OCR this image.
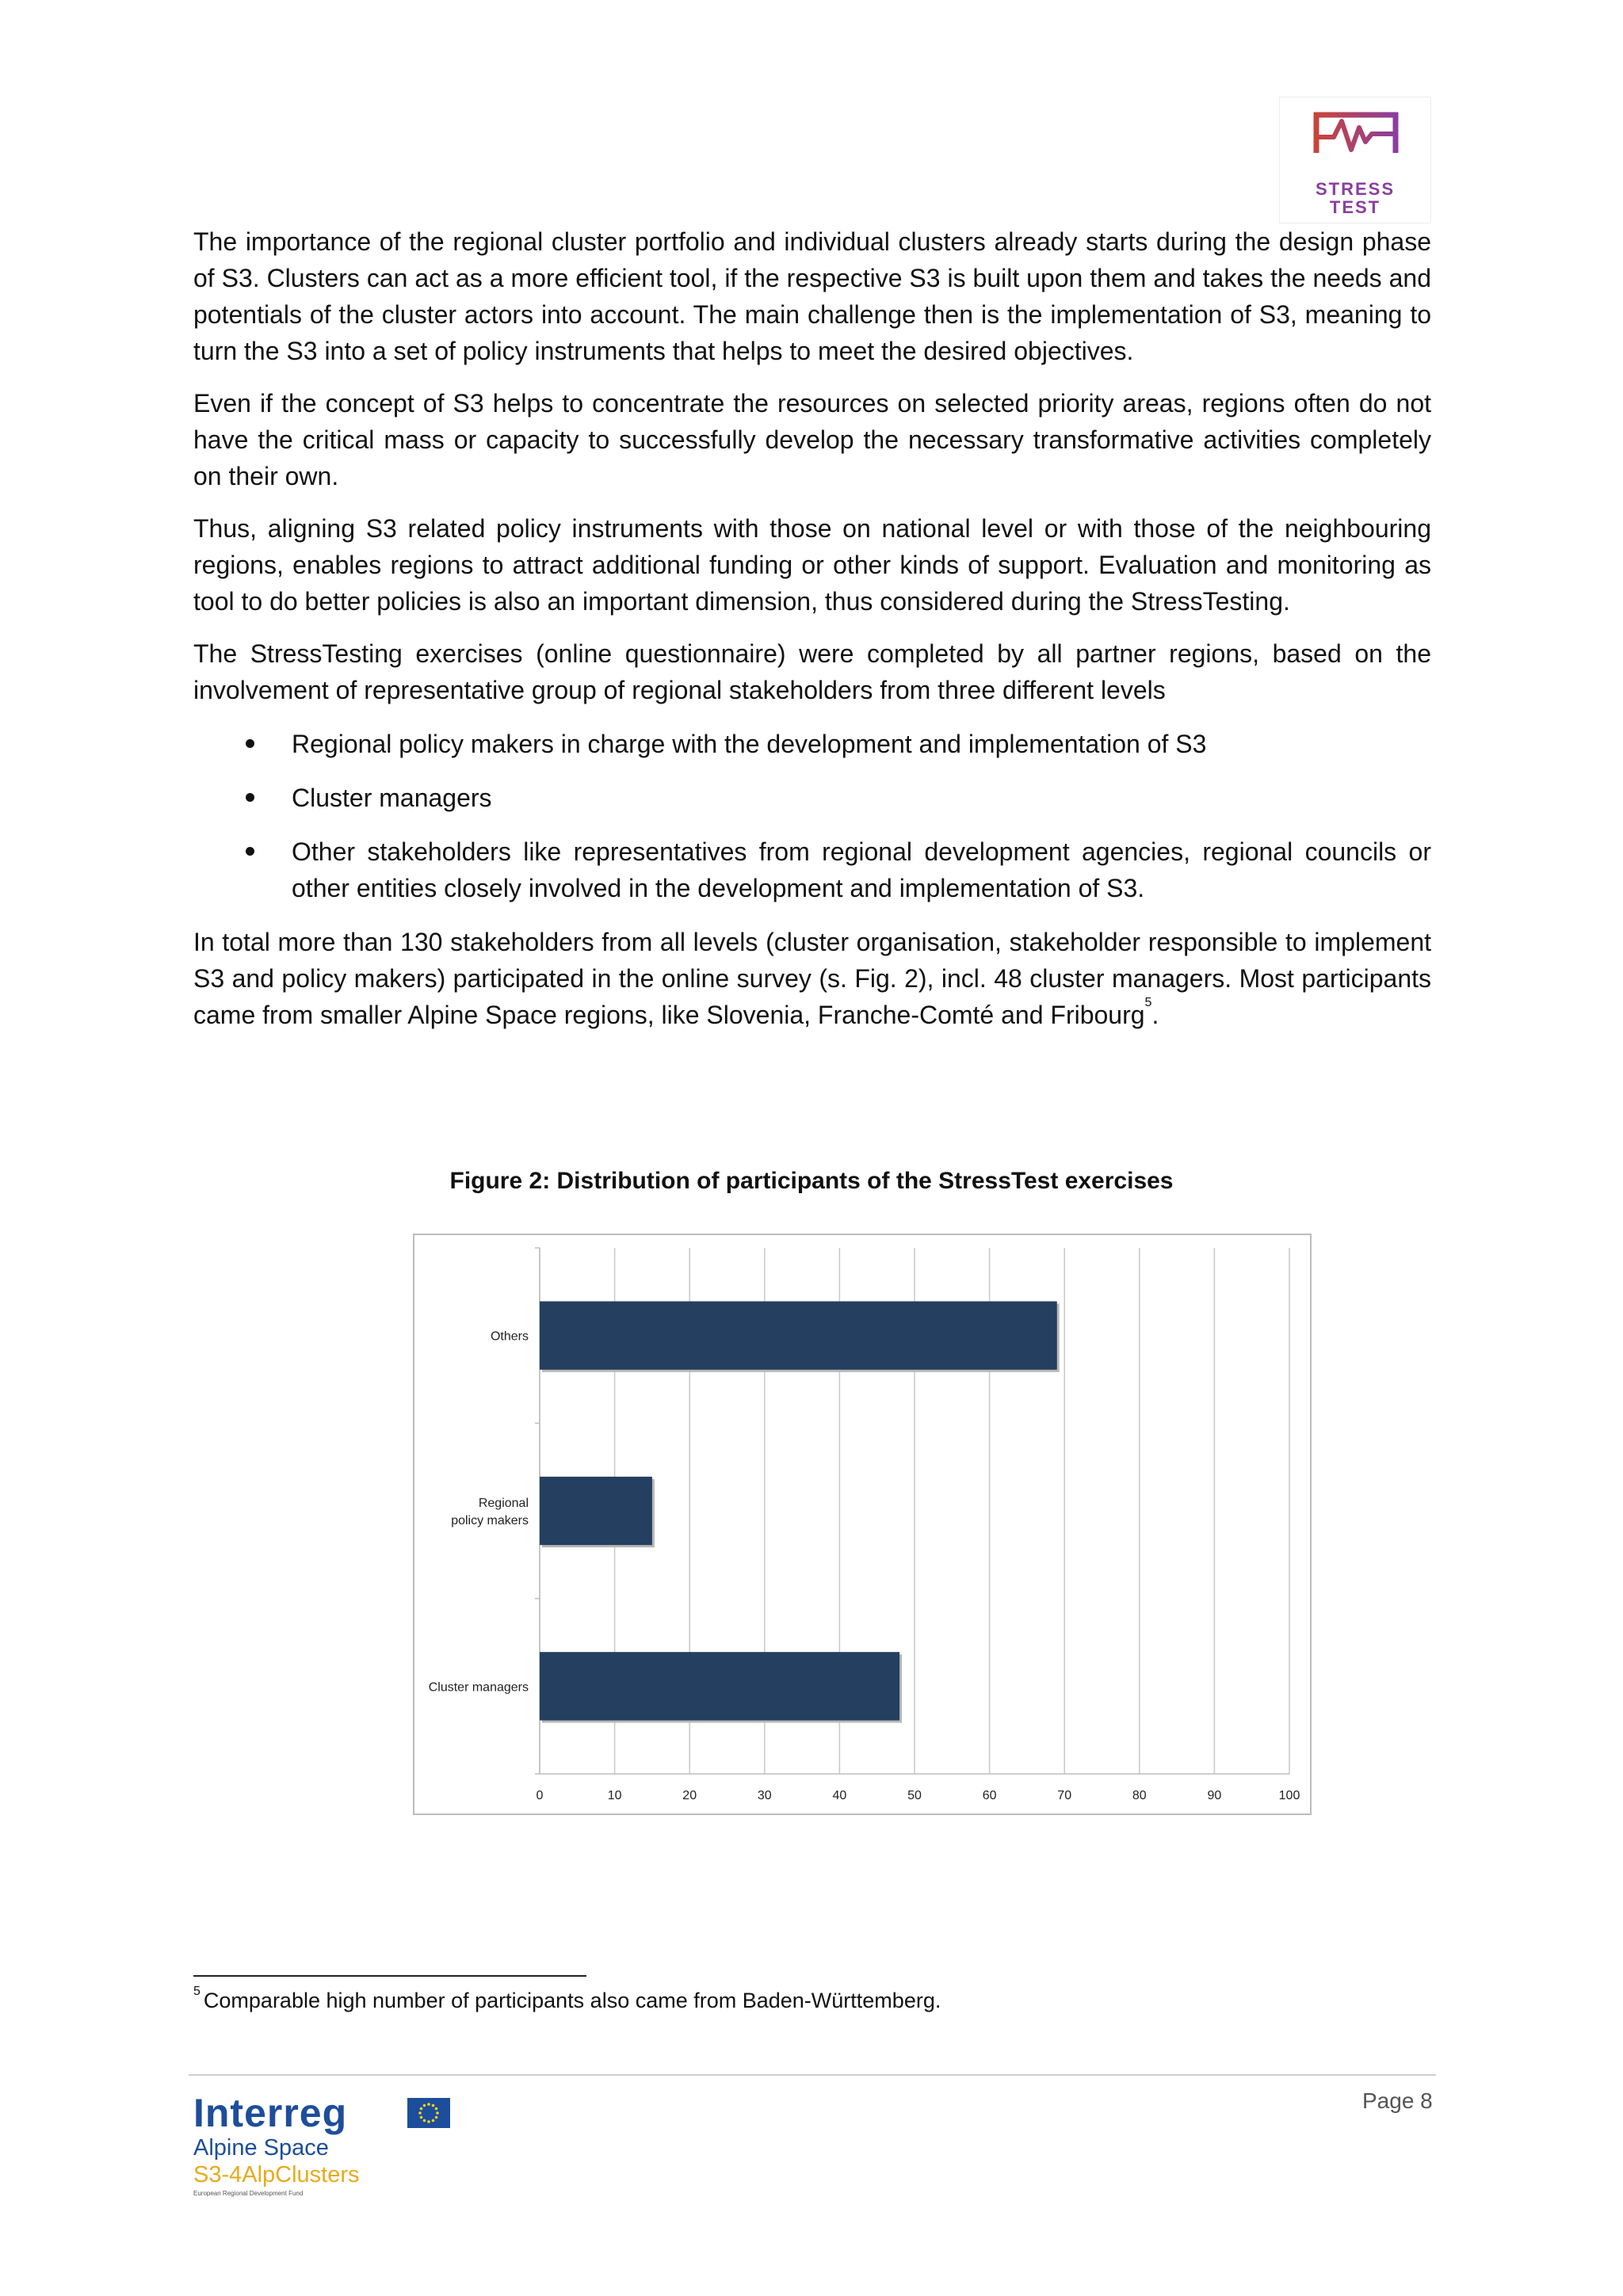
STRESS
TEST

The importance of the regional cluster portfolio and individual clusters already starts during the design phase of S3. Clusters can act as a more efficient tool, if the respective S3 is built upon them and takes the needs and potentials of the cluster actors into account. The main challenge then is the implementation of S3, meaning to turn the S3 into a set of policy instruments that helps to meet the desired objectives.

Even if the concept of S3 helps to concentrate the resources on selected priority areas, regions often do not have the critical mass or capacity to successfully develop the necessary transformative activities completely on their own.

Thus, aligning S3 related policy instruments with those on national level or with those of the neighbouring regions, enables regions to attract additional funding or other kinds of support. Evaluation and monitoring as tool to do better policies is also an important dimension, thus considered during the StressTesting.

The StressTesting exercises (online questionnaire) were completed by all partner regions, based on the involvement of representative group of regional stakeholders from three different levels

Regional policy makers in charge with the development and implementation of S3
Cluster managers
Other stakeholders like representatives from regional development agencies, regional councils or other entities closely involved in the development and implementation of S3.

In total more than 130 stakeholders from all levels (cluster organisation, stakeholder responsible to implement S3 and policy makers) participated in the online survey (s. Fig. 2), incl. 48 cluster managers. Most participants came from smaller Alpine Space regions, like Slovenia, Franche-Comté and Fribourg$^5$.

Figure 2: Distribution of participants of the StressTest exercises
0	10	20	30	40	50	60	70	80	90	100
Others
Regional
policy makers
Cluster managers
$^5$ Comparable high number of participants also came from Baden-Württemberg.
Page 8
Interreg
Alpine Space
S3-4AlpClusters
European Regional Development Fund
